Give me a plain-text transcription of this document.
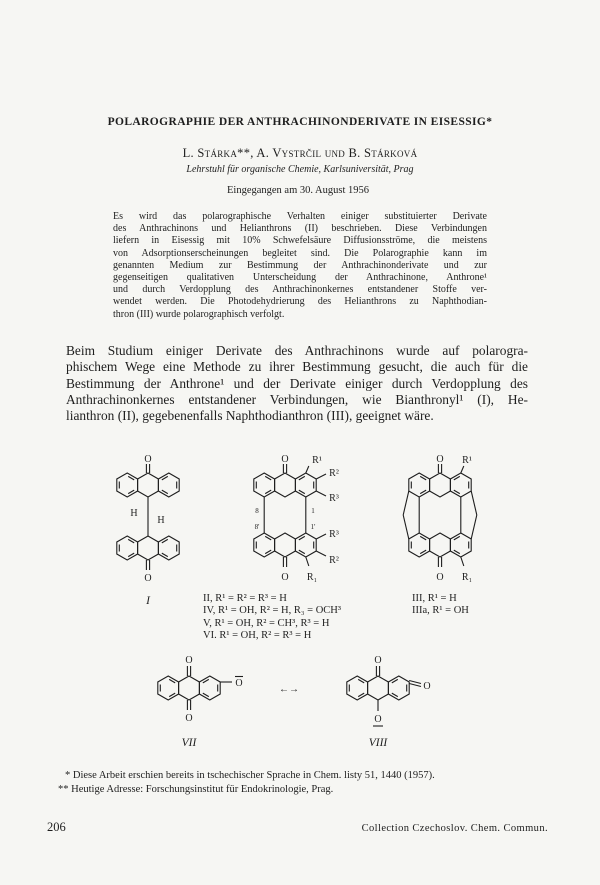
POLAROGRAPHIE DER ANTHRACHINONDERIVATE IN EISESSIG*
L. Stárka**, A. Vystrčil und B. Stárková
Lehrstuhl für organische Chemie, Karlsuniversität, Prag
Eingegangen am 30. August 1956
Es wird das polarographische Verhalten einiger substituierter Derivate
des Anthrachinons und Helianthrons (II) beschrieben. Diese Verbindungen
liefern in Eisessig mit 10% Schwefelsäure Diffusionsströme, die meistens
von Adsorptionserscheinungen begleitet sind. Die Polarographie kann im
genannten Medium zur Bestimmung der Anthrachinonderivate und zur
gegenseitigen qualitativen Unterscheidung der Anthrachinone, Anthrone¹
und durch Verdopplung des Anthrachinonkernes entstandener Stoffe ver-
wendet werden. Die Photodehydrierung des Helianthrons zu Naphthodian-
thron (III) wurde polarographisch verfolgt.
Beim Studium einiger Derivate des Anthrachinons wurde auf polarogra-
phischem Wege eine Methode zu ihrer Bestimmung gesucht, die auch für die
Bestimmung der Anthrone¹ und der Derivate einiger durch Verdopplung des
Anthrachinonkernes entstandener Verbindungen, wie Bianthronyl¹ (I), He-
lianthron (II), gegebenenfalls Naphthodianthron (III), geeignet wäre.
O
H
H
O
I
O R¹
R²
R³
8	1
8'	1'
R³
R²
O R₁
II, R¹ = R² = R³ = H
IV, R¹ = OH, R² = H, R₃ = OCH³
V, R¹ = OH, R² = CH³, R³ = H
VI. R¹ = OH, R² = R³ = H
O R¹
O R₁
III, R¹ = H
IIIa, R¹ = OH
O
O
O
VII
←→
O
O
O
VIII
* Diese Arbeit erschien bereits in tschechischer Sprache in Chem. listy 51, 1440 (1957).
** Heutige Adresse: Forschungsinstitut für Endokrinologie, Prag.
206	Collection Czechoslov. Chem. Commun.
